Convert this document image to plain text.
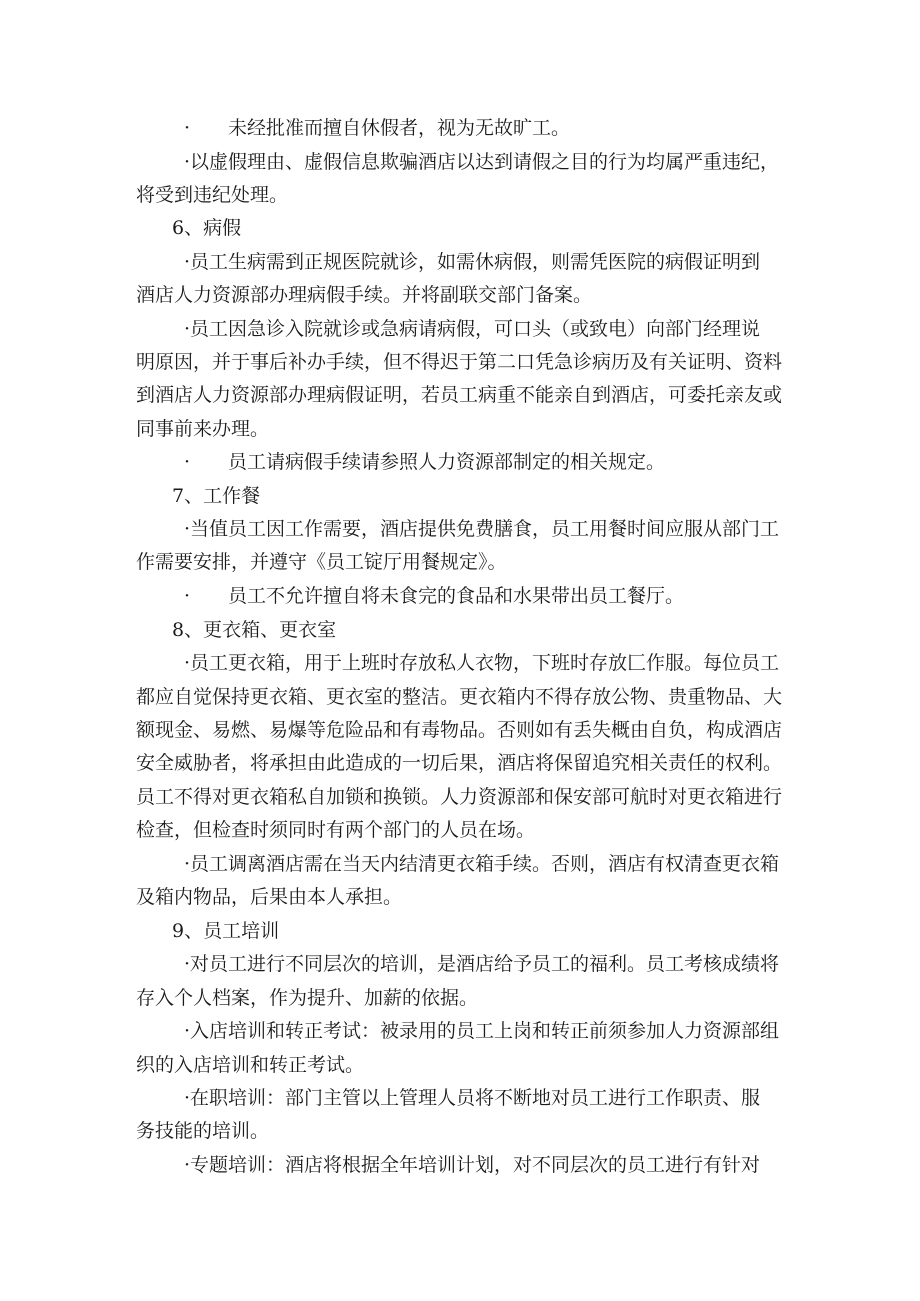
·　　未经批准而擅自休假者，视为无故旷工。
·以虚假理由、虚假信息欺骗酒店以达到请假之目的行为均属严重违纪，
将受到违纪处理。
6、病假
·员工生病需到正规医院就诊，如需休病假，则需凭医院的病假证明到
酒店人力资源部办理病假手续。并将副联交部门备案。
·员工因急诊入院就诊或急病请病假，可口头（或致电）向部门经理说
明原因，并于事后补办手续，但不得迟于第二口凭急诊病历及有关证明、资料
到酒店人力资源部办理病假证明，若员工病重不能亲自到酒店，可委托亲友或
同事前来办理。
·　　员工请病假手续请参照人力资源部制定的相关规定。
7、工作餐
·当值员工因工作需要，酒店提供免费膳食，员工用餐时间应服从部门工
作需要安排，并遵守《员工锭厅用餐规定》。
·　　员工不允许擅自将未食完的食品和水果带出员工餐厅。
8、更衣箱、更衣室
·员工更衣箱，用于上班时存放私人衣物，下班时存放匚作服。每位员工
都应自觉保持更衣箱、更衣室的整洁。更衣箱内不得存放公物、贵重物品、大
额现金、易燃、易爆等危险品和有毒物品。否则如有丢失概由自负，构成酒店
安全威胁者，将承担由此造成的一切后果，酒店将保留追究相关责任的权利。
员工不得对更衣箱私自加锁和换锁。人力资源部和保安部可航时对更衣箱进行
检查，但检查时须同时有两个部门的人员在场。
·员工调离酒店需在当天内结清更衣箱手续。否则，酒店有权清查更衣箱
及箱内物品，后果由本人承担。
9、员工培训
·对员工进行不同层次的培训，是酒店给予员工的福利。员工考核成绩将
存入个人档案，作为提升、加薪的依据。
·入店培训和转正考试：被录用的员工上岗和转正前须参加人力资源部组
织的入店培训和转正考试。
·在职培训：部门主管以上管理人员将不断地对员工进行工作职责、服
务技能的培训。
·专题培训：酒店将根据全年培训计划，对不同层次的员工进行有针对
